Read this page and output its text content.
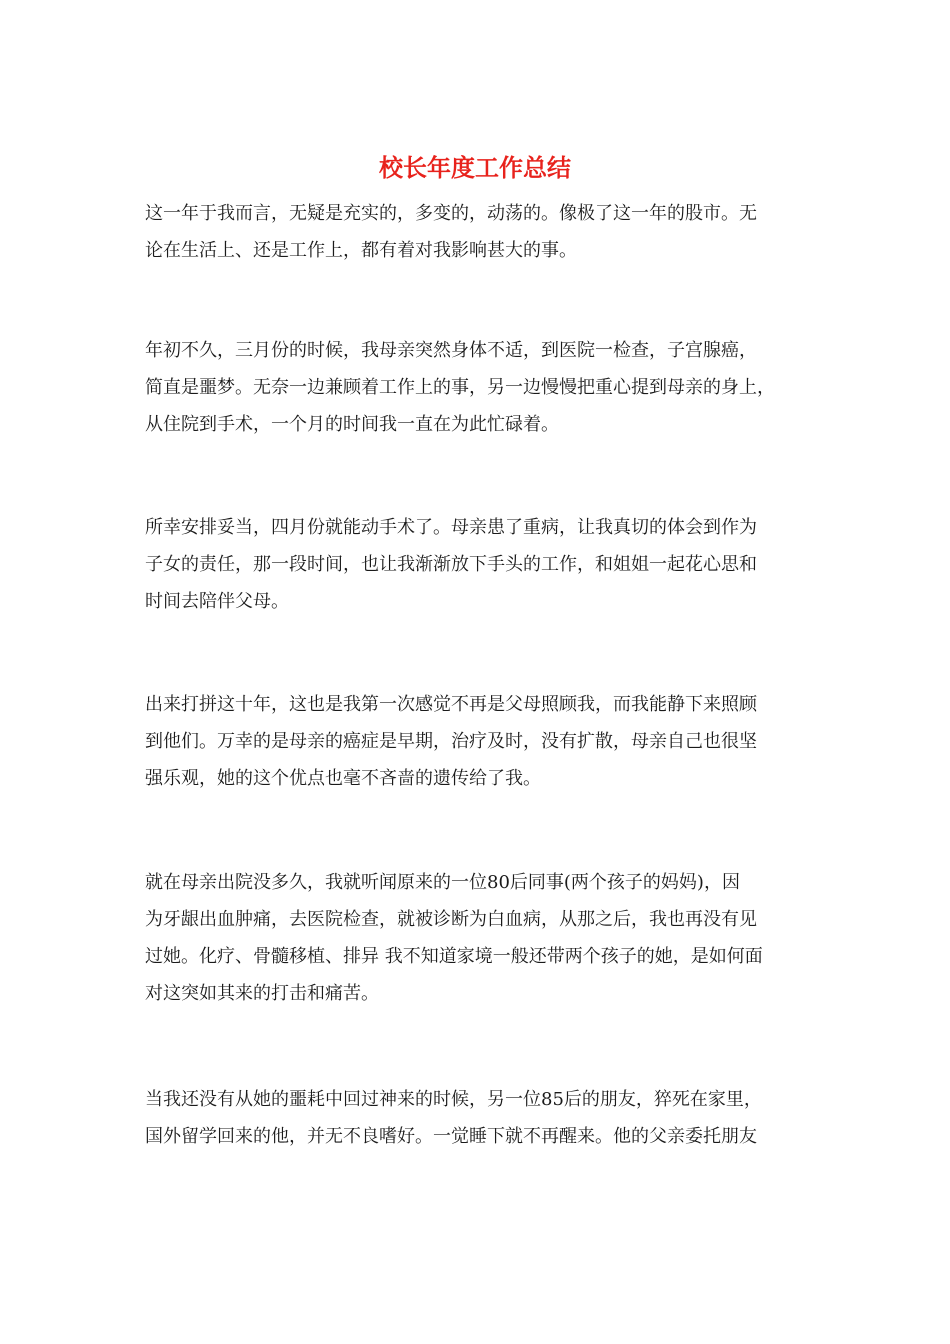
校长年度工作总结

这一年于我而言，无疑是充实的，多变的，动荡的。像极了这一年的股市。无
论在生活上、还是工作上，都有着对我影响甚大的事。

年初不久，三月份的时候，我母亲突然身体不适，到医院一检查，子宫腺癌，
简直是噩梦。无奈一边兼顾着工作上的事，另一边慢慢把重心提到母亲的身上，
从住院到手术，一个月的时间我一直在为此忙碌着。

所幸安排妥当，四月份就能动手术了。母亲患了重病，让我真切的体会到作为
子女的责任，那一段时间，也让我渐渐放下手头的工作，和姐姐一起花心思和
时间去陪伴父母。

出来打拼这十年，这也是我第一次感觉不再是父母照顾我，而我能静下来照顾
到他们。万幸的是母亲的癌症是早期，治疗及时，没有扩散，母亲自己也很坚
强乐观，她的这个优点也毫不吝啬的遗传给了我。

就在母亲出院没多久，我就听闻原来的一位80后同事(两个孩子的妈妈)，因
为牙龈出血肿痛，去医院检查，就被诊断为白血病，从那之后，我也再没有见
过她。化疗、骨髓移植、排异 我不知道家境一般还带两个孩子的她，是如何面
对这突如其来的打击和痛苦。

当我还没有从她的噩耗中回过神来的时候，另一位85后的朋友，猝死在家里，
国外留学回来的他，并无不良嗜好。一觉睡下就不再醒来。他的父亲委托朋友
